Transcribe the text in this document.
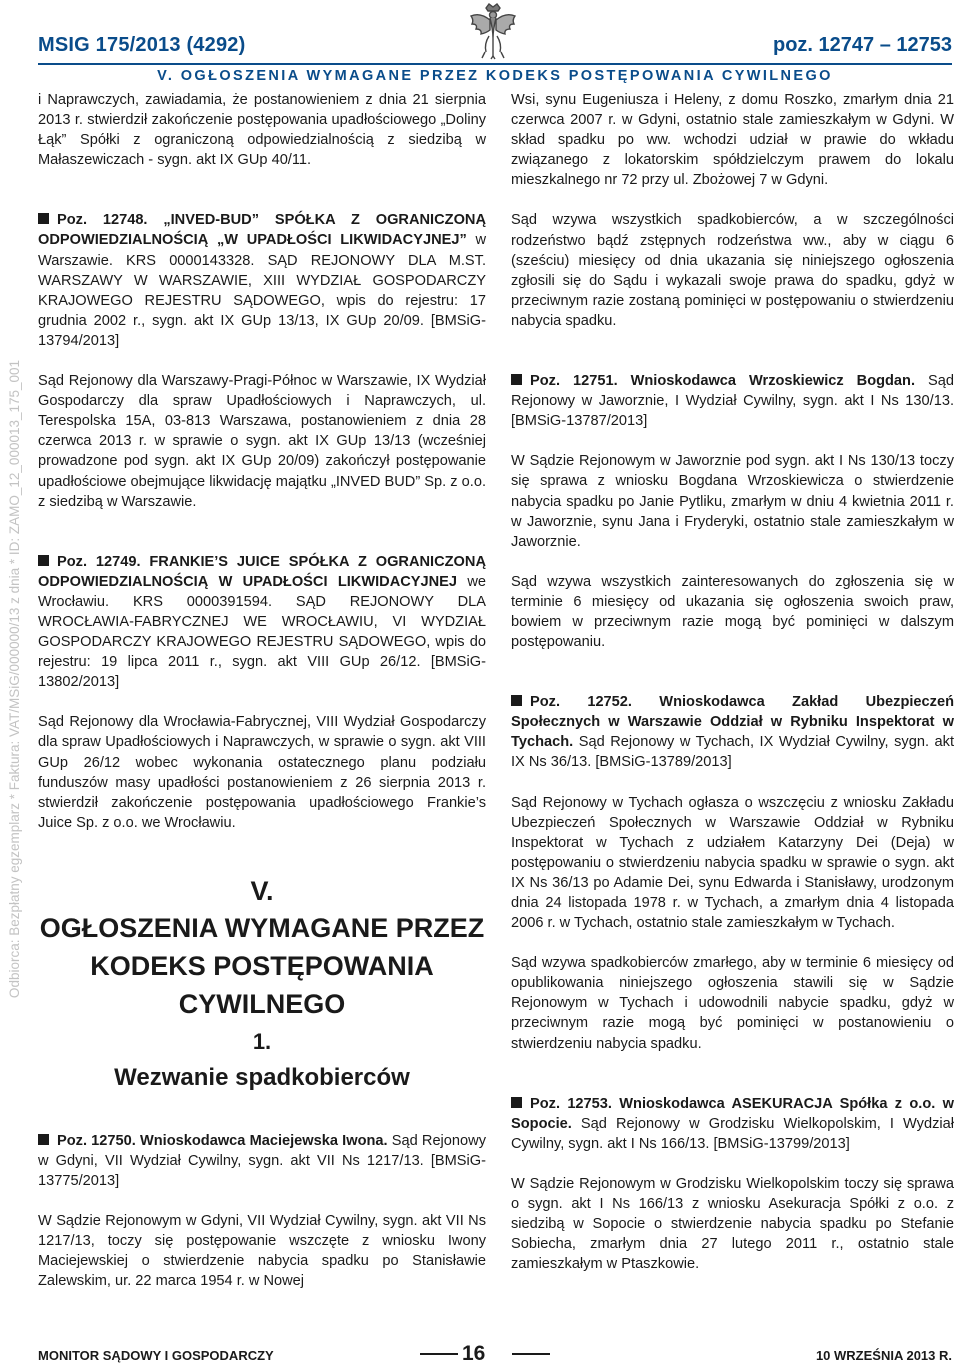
MSIG 175/2013 (4292)	poz. 12747 – 12753
V. OGŁOSZENIA WYMAGANE PRZEZ KODEKS POSTĘPOWANIA CYWILNEGO
Odbiorca: Bezpłatny egzemplarz * Faktura: VAT/MSiG/000000/13 z dnia * ID: ZAMO_12_000013_175_001

i Naprawczych, zawiadamia, że postanowieniem z dnia 21 sierpnia 2013 r. stwierdził zakończenie postępowania upadłościowego „Doliny Łąk” Spółki z ograniczoną odpowiedzialnością z siedzibą w Małaszewiczach - sygn. akt IX GUp 40/11.

Poz. 12748. „INVED-BUD” SPÓŁKA Z OGRANICZONĄ ODPOWIEDZIALNOŚCIĄ „W UPADŁOŚCI LIKWIDACYJNEJ” w Warszawie. KRS 0000143328. SĄD REJONOWY DLA M.ST. WARSZAWY W WARSZAWIE, XIII WYDZIAŁ GOSPODARCZY KRAJOWEGO REJESTRU SĄDOWEGO, wpis do rejestru: 17 grudnia 2002 r., sygn. akt IX GUp 13/13, IX GUp 20/09. [BMSiG-13794/2013]

Sąd Rejonowy dla Warszawy-Pragi-Północ w Warszawie, IX Wydział Gospodarczy dla spraw Upadłościowych i Naprawczych, ul. Terespolska 15A, 03-813 Warszawa, postanowieniem z dnia 28 czerwca 2013 r. w sprawie o sygn. akt IX GUp 13/13 (wcześniej prowadzone pod sygn. akt IX GUp 20/09) zakończył postępowanie upadłościowe obejmujące likwidację majątku „INVED BUD” Sp. z o.o. z siedzibą w Warszawie.

Poz. 12749. FRANKIE’S JUICE SPÓŁKA Z OGRANICZONĄ ODPOWIEDZIALNOŚCIĄ W UPADŁOŚCI LIKWIDACYJNEJ we Wrocławiu. KRS 0000391594. SĄD REJONOWY DLA WROCŁAWIA-FABRYCZNEJ WE WROCŁAWIU, VI WYDZIAŁ GOSPODARCZY KRAJOWEGO REJESTRU SĄDOWEGO, wpis do rejestru: 19 lipca 2011 r., sygn. akt VIII GUp 26/12. [BMSiG-13802/2013]

Sąd Rejonowy dla Wrocławia-Fabrycznej, VIII Wydział Gospodarczy dla spraw Upadłościowych i Naprawczych, w sprawie o sygn. akt VIII GUp 26/12 wobec wykonania ostatecznego planu podziału funduszów masy upadłości postanowieniem z 26 sierpnia 2013 r. stwierdził zakończenie postępowania upadłościowego Frankie’s Juice Sp. z o.o. we Wrocławiu.

V.
OGŁOSZENIA WYMAGANE PRZEZ KODEKS POSTĘPOWANIA CYWILNEGO
1.
Wezwanie spadkobierców

Poz. 12750. Wnioskodawca Maciejewska Iwona. Sąd Rejonowy w Gdyni, VII Wydział Cywilny, sygn. akt VII Ns 1217/13. [BMSiG-13775/2013]

W Sądzie Rejonowym w Gdyni, VII Wydział Cywilny, sygn. akt VII Ns 1217/13, toczy się postępowanie wszczęte z wniosku Iwony Maciejewskiej o stwierdzenie nabycia spadku po Stanisławie Zalewskim, ur. 22 marca 1954 r. w Nowej

Wsi, synu Eugeniusza i Heleny, z domu Roszko, zmarłym dnia 21 czerwca 2007 r. w Gdyni, ostatnio stale zamieszkałym w Gdyni. W skład spadku po ww. wchodzi udział w prawie do wkładu związanego z lokatorskim spółdzielczym prawem do lokalu mieszkalnego nr 72 przy ul. Zbożowej 7 w Gdyni.

Sąd wzywa wszystkich spadkobierców, a w szczególności rodzeństwo bądź zstępnych rodzeństwa ww., aby w ciągu 6 (sześciu) miesięcy od dnia ukazania się niniejszego ogłoszenia zgłosili się do Sądu i wykazali swoje prawa do spadku, gdyż w przeciwnym razie zostaną pominięci w postępowaniu o stwierdzeniu nabycia spadku.

Poz. 12751. Wnioskodawca Wrzoskiewicz Bogdan. Sąd Rejonowy w Jaworznie, I Wydział Cywilny, sygn. akt I Ns 130/13. [BMSiG-13787/2013]

W Sądzie Rejonowym w Jaworznie pod sygn. akt I Ns 130/13 toczy się sprawa z wniosku Bogdana Wrzoskiewicza o stwierdzenie nabycia spadku po Janie Pytliku, zmarłym w dniu 4 kwietnia 2011 r. w Jaworznie, synu Jana i Fryderyki, ostatnio stale zamieszkałym w Jaworznie.

Sąd wzywa wszystkich zainteresowanych do zgłoszenia się w terminie 6 miesięcy od ukazania się ogłoszenia swoich praw, bowiem w przeciwnym razie mogą być pominięci w dalszym postępowaniu.

Poz. 12752. Wnioskodawca Zakład Ubezpieczeń Społecznych w Warszawie Oddział w Rybniku Inspektorat w Tychach. Sąd Rejonowy w Tychach, IX Wydział Cywilny, sygn. akt IX Ns 36/13. [BMSiG-13789/2013]

Sąd Rejonowy w Tychach ogłasza o wszczęciu z wniosku Zakładu Ubezpieczeń Społecznych w Warszawie Oddział w Rybniku Inspektorat w Tychach z udziałem Katarzyny Dei (Deja) w postępowaniu o stwierdzeniu nabycia spadku w sprawie o sygn. akt IX Ns 36/13 po Adamie Dei, synu Edwarda i Stanisławy, urodzonym dnia 24 listopada 1978 r. w Tychach, a zmarłym dnia 4 listopada 2006 r. w Tychach, ostatnio stale zamieszkałym w Tychach.

Sąd wzywa spadkobierców zmarłego, aby w terminie 6 miesięcy od opublikowania niniejszego ogłoszenia stawili się w Sądzie Rejonowym w Tychach i udowodnili nabycie spadku, gdyż w przeciwnym razie mogą być pominięci w postanowieniu o stwierdzeniu nabycia spadku.

Poz. 12753. Wnioskodawca ASEKURACJA Spółka z o.o. w Sopocie. Sąd Rejonowy w Grodzisku Wielkopolskim, I Wydział Cywilny, sygn. akt I Ns 166/13. [BMSiG-13799/2013]

W Sądzie Rejonowym w Grodzisku Wielkopolskim toczy się sprawa o sygn. akt I Ns 166/13 z wniosku Asekuracja Spółki z o.o. z siedzibą w Sopocie o stwierdzenie nabycia spadku po Stefanie Sobiecha, zmarłym dnia 27 lutego 2011 r., ostatnio stale zamieszkałym w Ptaszkowie.

MONITOR SĄDOWY I GOSPODARCZY	16	10 WRZEŚNIA 2013 R.
